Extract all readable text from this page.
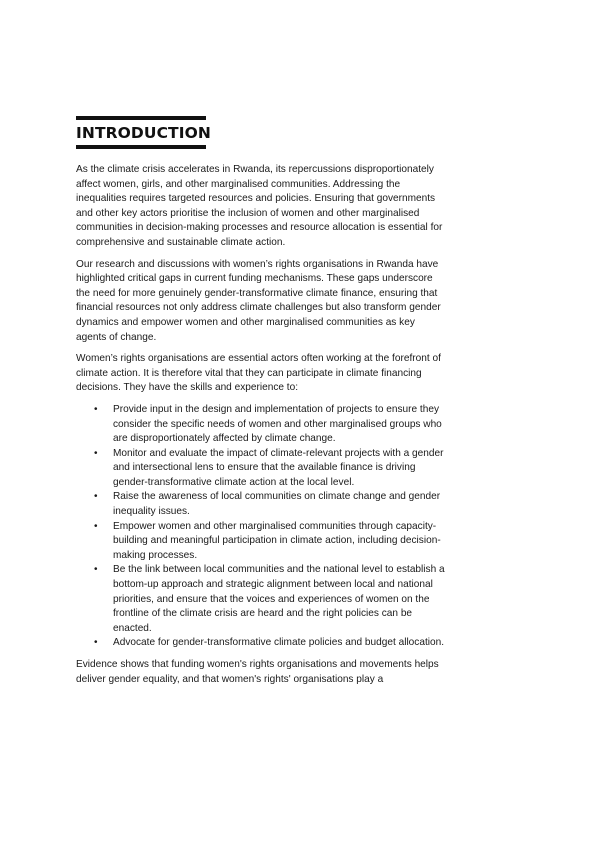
INTRODUCTION

As the climate crisis accelerates in Rwanda, its repercussions disproportionately affect women, girls, and other marginalised communities. Addressing the inequalities requires targeted resources and policies. Ensuring that governments and other key actors prioritise the inclusion of women and other marginalised communities in decision-making processes and resource allocation is essential for comprehensive and sustainable climate action.

Our research and discussions with women’s rights organisations in Rwanda have highlighted critical gaps in current funding mechanisms. These gaps underscore the need for more genuinely gender-transformative climate finance, ensuring that financial resources not only address climate challenges but also transform gender dynamics and empower women and other marginalised communities as key agents of change.

Women’s rights organisations are essential actors often working at the forefront of climate action. It is therefore vital that they can participate in climate financing decisions. They have the skills and experience to:

• Provide input in the design and implementation of projects to ensure they consider the specific needs of women and other marginalised groups who are disproportionately affected by climate change.
• Monitor and evaluate the impact of climate-relevant projects with a gender and intersectional lens to ensure that the available finance is driving gender-transformative climate action at the local level.
• Raise the awareness of local communities on climate change and gender inequality issues.
• Empower women and other marginalised communities through capacity-building and meaningful participation in climate action, including decision-making processes.
• Be the link between local communities and the national level to establish a bottom-up approach and strategic alignment between local and national priorities, and ensure that the voices and experiences of women on the frontline of the climate crisis are heard and the right policies can be enacted.
• Advocate for gender-transformative climate policies and budget allocation.

Evidence shows that funding women's rights organisations and movements helps deliver gender equality, and that women's rights' organisations play a
